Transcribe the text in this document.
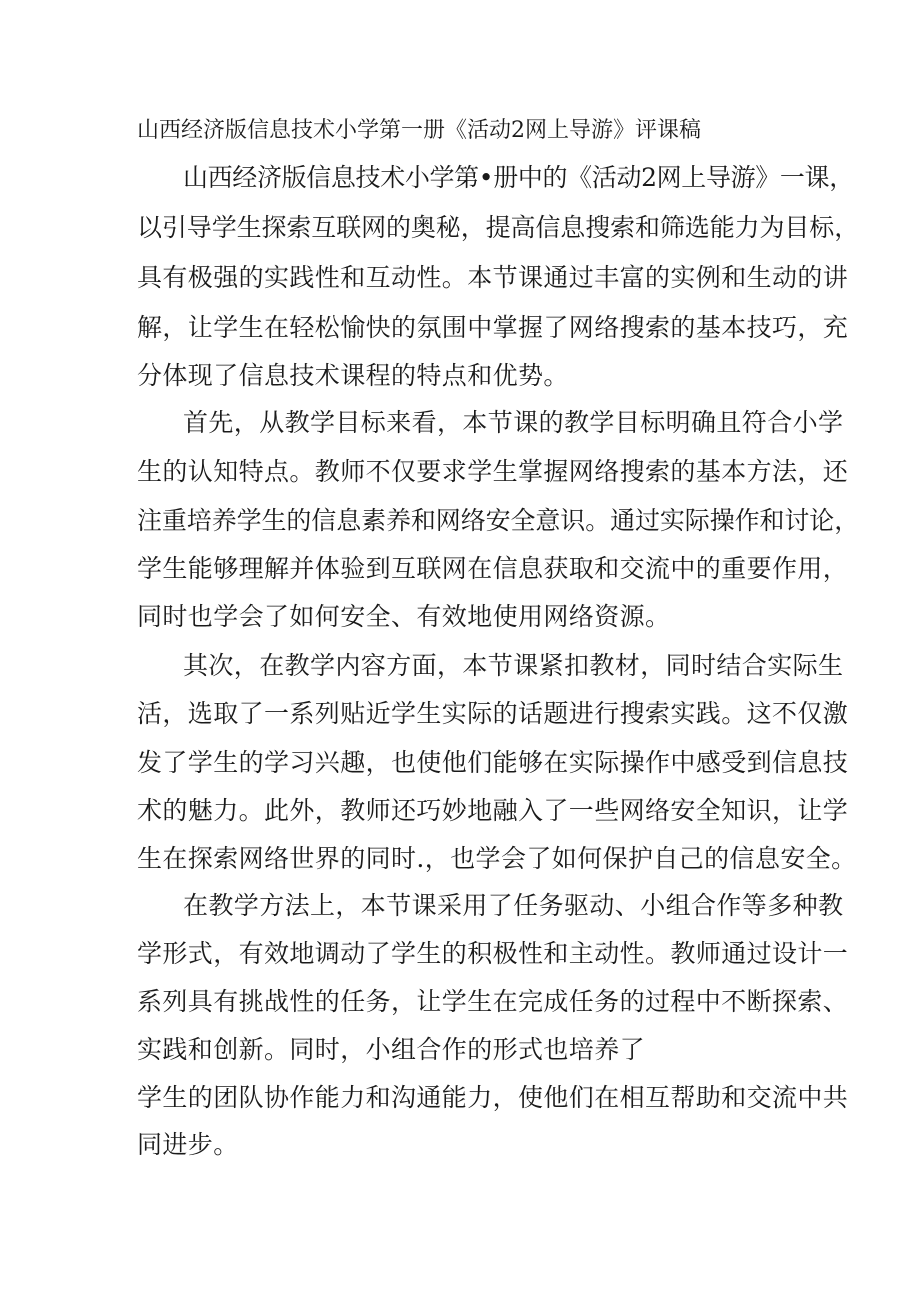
山西经济版信息技术小学第一册《活动2网上导游》评课稿
山西经济版信息技术小学第•册中的《活动2网上导游》一课，
以引导学生探索互联网的奥秘，提高信息搜索和筛选能力为目标，
具有极强的实践性和互动性。本节课通过丰富的实例和生动的讲
解，让学生在轻松愉快的氛围中掌握了网络搜索的基本技巧，充
分体现了信息技术课程的特点和优势。
首先，从教学目标来看，本节课的教学目标明确且符合小学
生的认知特点。教师不仅要求学生掌握网络搜索的基本方法，还
注重培养学生的信息素养和网络安全意识。通过实际操作和讨论，
学生能够理解并体验到互联网在信息获取和交流中的重要作用，
同时也学会了如何安全、有效地使用网络资源。
其次，在教学内容方面，本节课紧扣教材，同时结合实际生
活，选取了一系列贴近学生实际的话题进行搜索实践。这不仅激
发了学生的学习兴趣，也使他们能够在实际操作中感受到信息技
术的魅力。此外，教师还巧妙地融入了一些网络安全知识，让学
生在探索网络世界的同时.，也学会了如何保护自己的信息安全。
在教学方法上，本节课采用了任务驱动、小组合作等多种教
学形式，有效地调动了学生的积极性和主动性。教师通过设计一
系列具有挑战性的任务，让学生在完成任务的过程中不断探索、
实践和创新。同时，小组合作的形式也培养了
学生的团队协作能力和沟通能力，使他们在相互帮助和交流中共
同进步。
